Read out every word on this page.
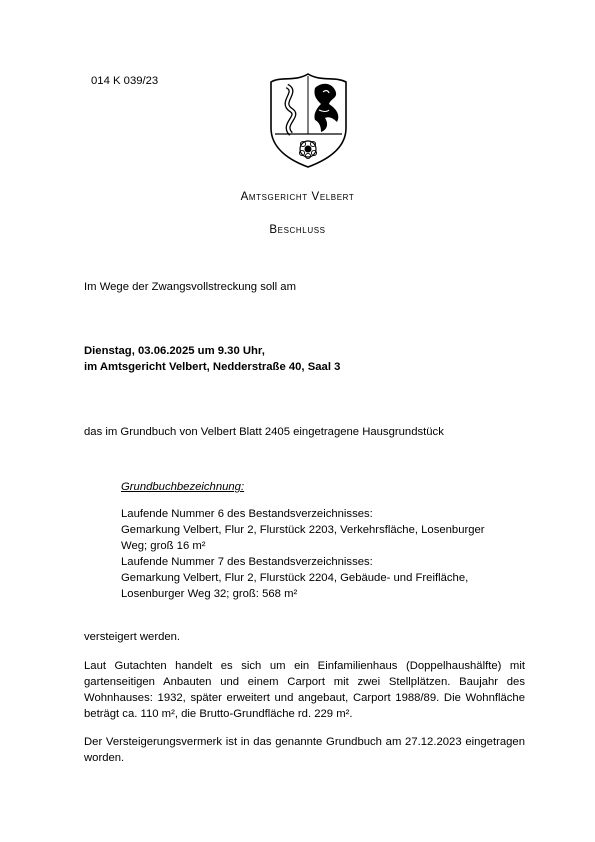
014 K 039/23
Amtsgericht Velbert
Beschluss
Im Wege der Zwangsvollstreckung soll am
Dienstag, 03.06.2025 um 9.30 Uhr,
im Amtsgericht Velbert, Nedderstraße 40, Saal 3
das im Grundbuch von Velbert Blatt 2405 eingetragene Hausgrundstück
Grundbuchbezeichnung:
Laufende Nummer 6 des Bestandsverzeichnisses:
Gemarkung Velbert, Flur 2, Flurstück 2203, Verkehrsfläche, Losenburger
Weg; groß 16 m²
Laufende Nummer 7 des Bestandsverzeichnisses:
Gemarkung Velbert, Flur 2, Flurstück 2204, Gebäude- und Freifläche,
Losenburger Weg 32; groß: 568 m²
versteigert werden.
Laut Gutachten handelt es sich um ein Einfamilienhaus (Doppelhaushälfte) mit gartenseitigen Anbauten und einem Carport mit zwei Stellplätzen. Baujahr des Wohnhauses: 1932, später erweitert und angebaut, Carport 1988/89. Die Wohnfläche beträgt ca. 110 m², die Brutto-Grundfläche rd. 229 m².
Der Versteigerungsvermerk ist in das genannte Grundbuch am 27.12.2023 eingetragen worden.
